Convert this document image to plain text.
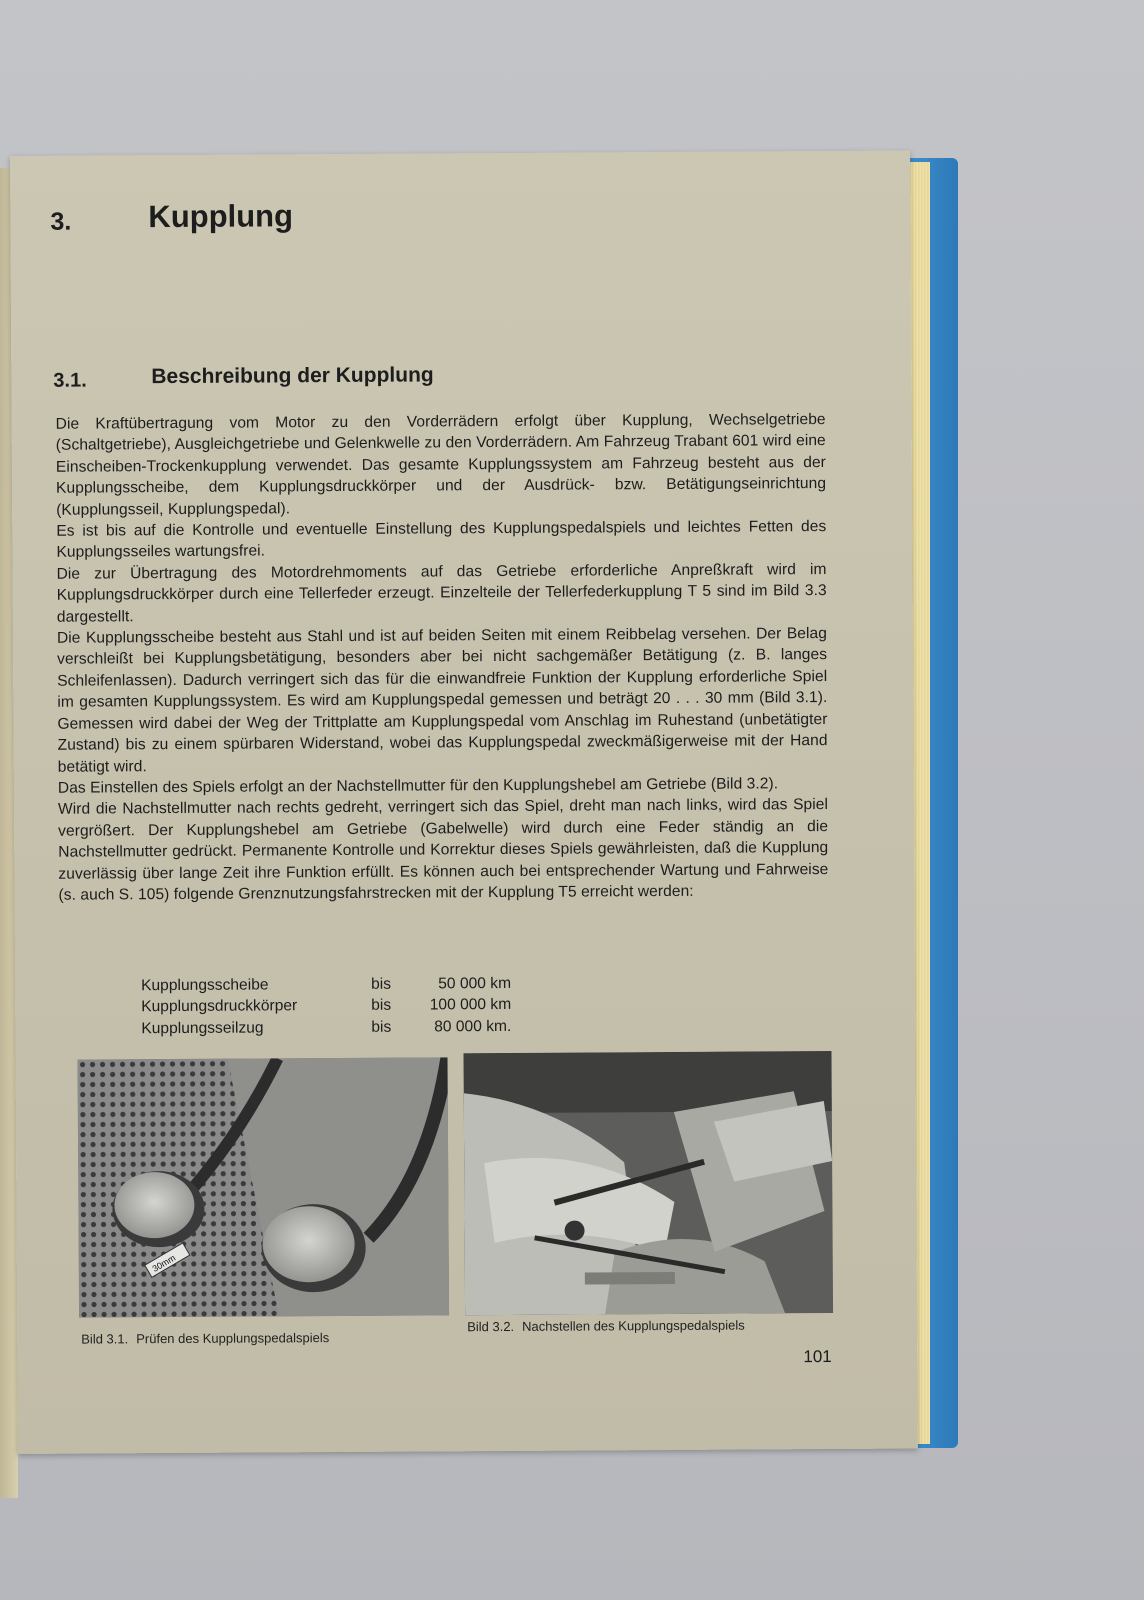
3. Kupplung
3.1.	Beschreibung der Kupplung

Die Kraftübertragung vom Motor zu den Vorderrädern erfolgt über Kupplung, Wechselgetriebe (Schaltgetriebe), Ausgleichgetriebe und Gelenkwelle zu den Vorderrädern. Am Fahrzeug Trabant 601 wird eine Einscheiben-Trockenkupplung verwendet. Das gesamte Kupplungssystem am Fahrzeug besteht aus der Kupplungsscheibe, dem Kupplungsdruckkörper und der Ausdrück- bzw. Betätigungseinrichtung (Kupplungsseil, Kupplungspedal).

Es ist bis auf die Kontrolle und eventuelle Einstellung des Kupplungspedalspiels und leichtes Fetten des Kupplungsseiles wartungsfrei.

Die zur Übertragung des Motordrehmoments auf das Getriebe erforderliche Anpreßkraft wird im Kupplungsdruckkörper durch eine Tellerfeder erzeugt. Einzelteile der Tellerfederkupplung T 5 sind im Bild 3.3 dargestellt.

Die Kupplungsscheibe besteht aus Stahl und ist auf beiden Seiten mit einem Reibbelag versehen. Der Belag verschleißt bei Kupplungsbetätigung, besonders aber bei nicht sachgemäßer Betätigung (z. B. langes Schleifenlassen). Dadurch verringert sich das für die einwandfreie Funktion der Kupplung erforderliche Spiel im gesamten Kupplungssystem. Es wird am Kupplungspedal gemessen und beträgt 20 . . . 30 mm (Bild 3.1). Gemessen wird dabei der Weg der Trittplatte am Kupplungspedal vom Anschlag im Ruhestand (unbetätigter Zustand) bis zu einem spürbaren Widerstand, wobei das Kupplungspedal zweckmäßigerweise mit der Hand betätigt wird.

Das Einstellen des Spiels erfolgt an der Nachstellmutter für den Kupplungshebel am Getriebe (Bild 3.2).

Wird die Nachstellmutter nach rechts gedreht, verringert sich das Spiel, dreht man nach links, wird das Spiel vergrößert. Der Kupplungshebel am Getriebe (Gabelwelle) wird durch eine Feder ständig an die Nachstellmutter gedrückt. Permanente Kontrolle und Korrektur dieses Spiels gewährleisten, daß die Kupplung zuverlässig über lange Zeit ihre Funktion erfüllt. Es können auch bei entsprechender Wartung und Fahrweise (s. auch S. 105) folgende Grenznutzungsfahrstrecken mit der Kupplung T5 erreicht werden:

Kupplungsscheibe	bis	50 000 km
Kupplungsdruckkörper	bis	100 000 km
Kupplungsseilzug	bis	80 000 km.
30mm
Bild 3.1. Prüfen des Kupplungspedalspiels
Bild 3.2. Nachstellen des Kupplungspedalspiels
101
